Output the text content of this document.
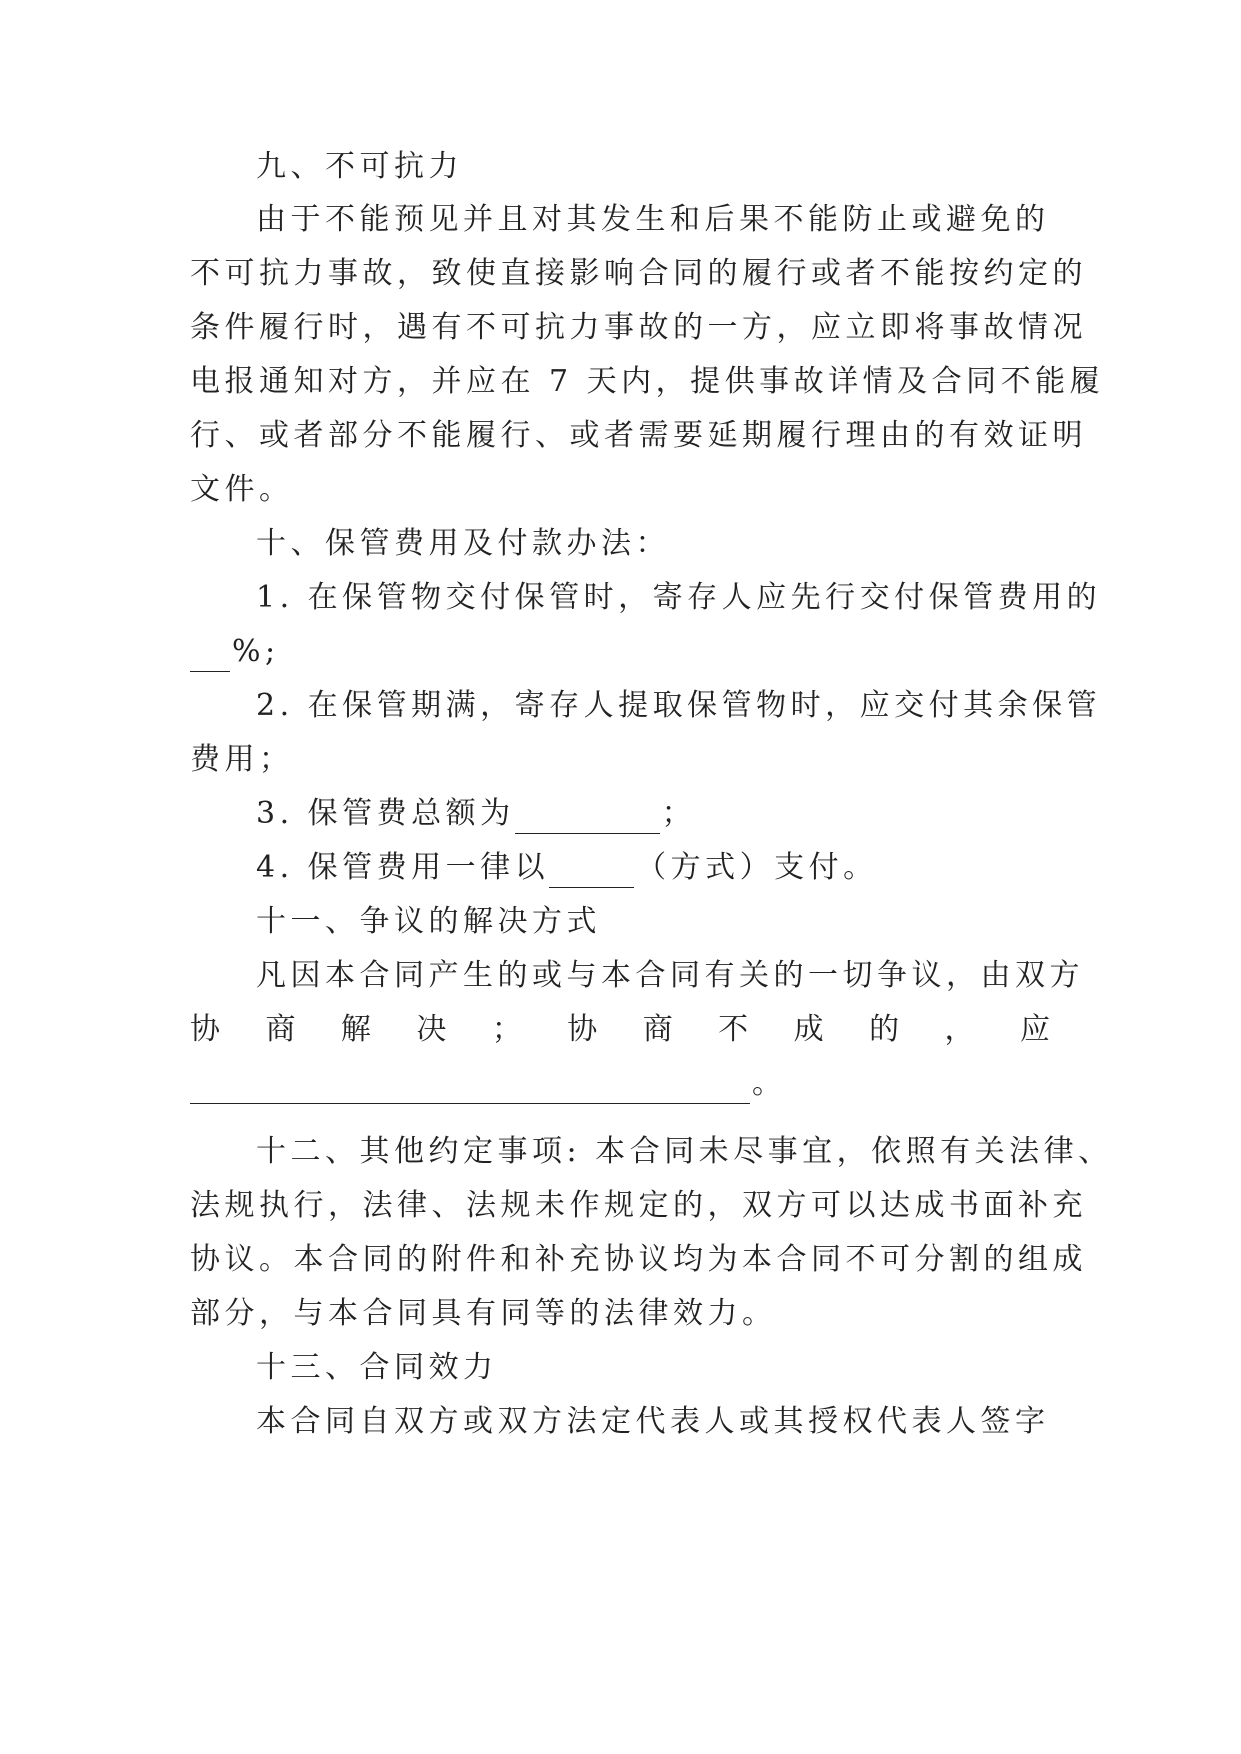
九、不可抗力
由于不能预见并且对其发生和后果不能防止或避免的
不可抗力事故，致使直接影响合同的履行或者不能按约定的
条件履行时，遇有不可抗力事故的一方，应立即将事故情况
电报通知对方，并应在 7 天内，提供事故详情及合同不能履
行、或者部分不能履行、或者需要延期履行理由的有效证明
文件。
十、保管费用及付款办法：
1. 在保管物交付保管时，寄存人应先行交付保管费用的
%;
2. 在保管期满，寄存人提取保管物时，应交付其余保管
费用；
3. 保管费总额为	；
4. 保管费用一律以	（方式）支付。
十一、争议的解决方式
凡因本合同产生的或与本合同有关的一切争议，由双方
协 商 解 决 ； 协 商 不 成 的 ， 应
。
十二、其他约定事项: 本合同未尽事宜，依照有关法律、
法规执行，法律、法规未作规定的，双方可以达成书面补充
协议。本合同的附件和补充协议均为本合同不可分割的组成
部分，与本合同具有同等的法律效力。
十三、合同效力
本合同自双方或双方法定代表人或其授权代表人签字
